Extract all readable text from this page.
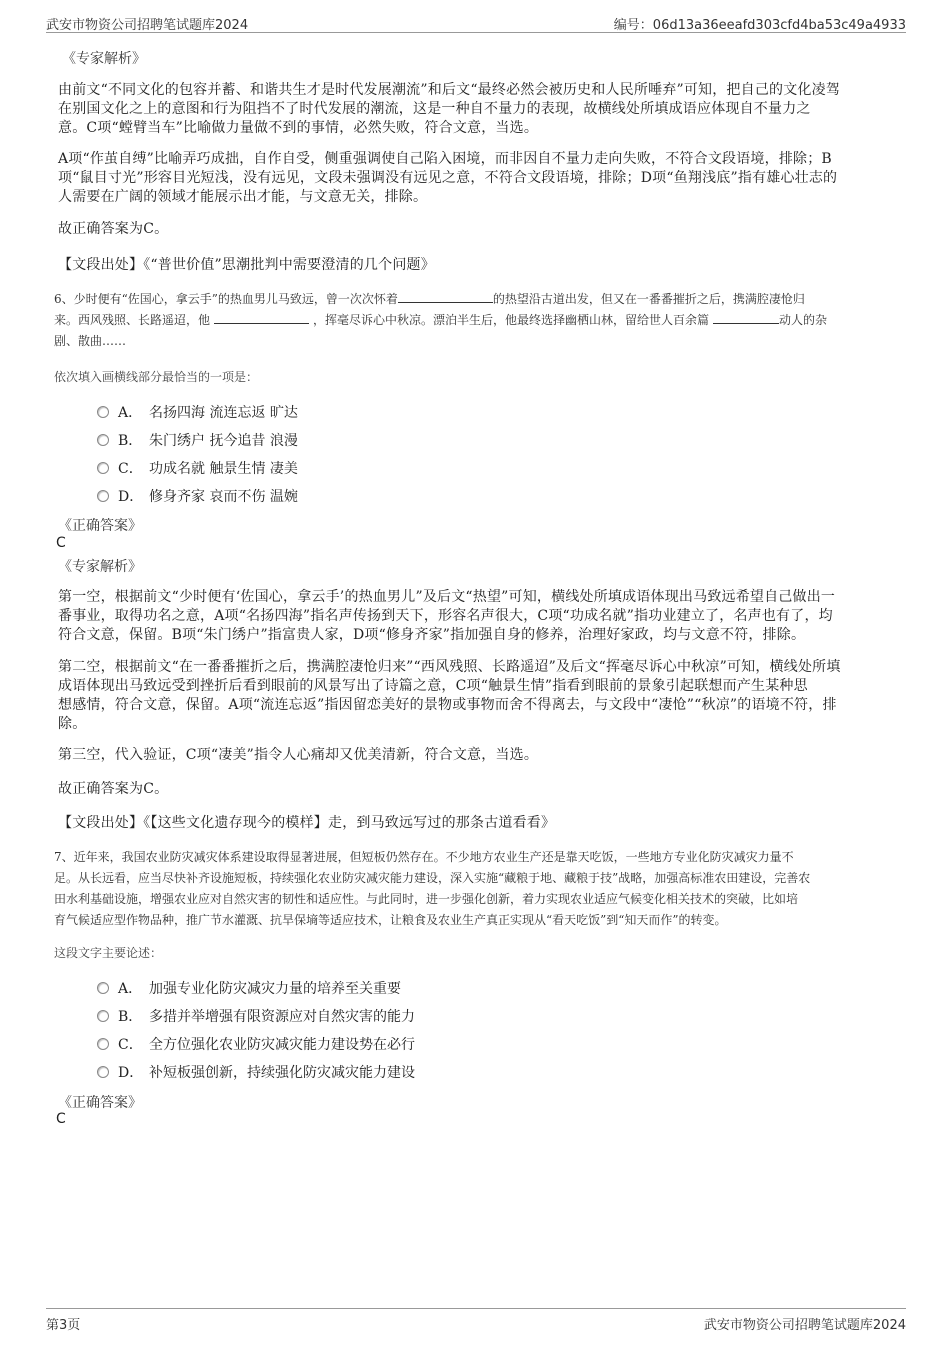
武安市物资公司招聘笔试题库2024	编号：06d13a36eeafd303cfd4ba53c49a4933
《专家解析》
由前文“不同文化的包容并蓄、和谐共生才是时代发展潮流”和后文“最终必然会被历史和人民所唾弃”可知，把自己的文化凌驾
在别国文化之上的意图和行为阻挡不了时代发展的潮流，这是一种自不量力的表现，故横线处所填成语应体现自不量力之
意。C项“螳臂当车”比喻做力量做不到的事情，必然失败，符合文意，当选。
A项“作茧自缚”比喻弄巧成拙，自作自受，侧重强调使自己陷入困境，而非因自不量力走向失败，不符合文段语境，排除；B
项“鼠目寸光”形容目光短浅，没有远见，文段未强调没有远见之意，不符合文段语境，排除；D项“鱼翔浅底”指有雄心壮志的
人需要在广阔的领域才能展示出才能，与文意无关，排除。
故正确答案为C。
【文段出处】《“普世价值”思潮批判中需要澄清的几个问题》
6、少时便有“佐国心，拿云手”的热血男儿马致远，曾一次次怀着	的热望沿古道出发，但又在一番番摧折之后，携满腔凄怆归
来。西风残照、长路遥迢，他	，挥毫尽诉心中秋凉。漂泊半生后，他最终选择幽栖山林，留给世人百余篇	动人的杂
剧、散曲……
依次填入画横线部分最恰当的一项是：
A． 名扬四海 流连忘返 旷达
B． 朱门绣户 抚今追昔 浪漫
C． 功成名就 触景生情 凄美
D． 修身齐家 哀而不伤 温婉
《正确答案》
C
《专家解析》
第一空，根据前文“少时便有‘佐国心，拿云手’的热血男儿”及后文“热望”可知，横线处所填成语体现出马致远希望自己做出一
番事业，取得功名之意，A项“名扬四海”指名声传扬到天下，形容名声很大，C项“功成名就”指功业建立了，名声也有了，均
符合文意，保留。B项“朱门绣户”指富贵人家，D项“修身齐家”指加强自身的修养，治理好家政，均与文意不符，排除。
第二空，根据前文“在一番番摧折之后，携满腔凄怆归来”“西风残照、长路遥迢”及后文“挥毫尽诉心中秋凉”可知，横线处所填
成语体现出马致远受到挫折后看到眼前的风景写出了诗篇之意，C项“触景生情”指看到眼前的景象引起联想而产生某种思
想感情，符合文意，保留。A项“流连忘返”指因留恋美好的景物或事物而舍不得离去，与文段中“凄怆”“秋凉”的语境不符，排
除。
第三空，代入验证，C项“凄美”指令人心痛却又优美清新，符合文意，当选。
故正确答案为C。
【文段出处】《【这些文化遗存现今的模样】走，到马致远写过的那条古道看看》
7、近年来，我国农业防灾减灾体系建设取得显著进展，但短板仍然存在。不少地方农业生产还是靠天吃饭，一些地方专业化防灾减灾力量不
足。从长远看，应当尽快补齐设施短板，持续强化农业防灾减灾能力建设，深入实施“藏粮于地、藏粮于技”战略，加强高标准农田建设，完善农
田水利基础设施，增强农业应对自然灾害的韧性和适应性。与此同时，进一步强化创新，着力实现农业适应气候变化相关技术的突破，比如培
育气候适应型作物品种，推广节水灌溉、抗旱保墒等适应技术，让粮食及农业生产真正实现从“看天吃饭”到“知天而作”的转变。
这段文字主要论述：
A． 加强专业化防灾减灾力量的培养至关重要
B． 多措并举增强有限资源应对自然灾害的能力
C． 全方位强化农业防灾减灾能力建设势在必行
D． 补短板强创新，持续强化防灾减灾能力建设
《正确答案》
C
第3页	武安市物资公司招聘笔试题库2024
